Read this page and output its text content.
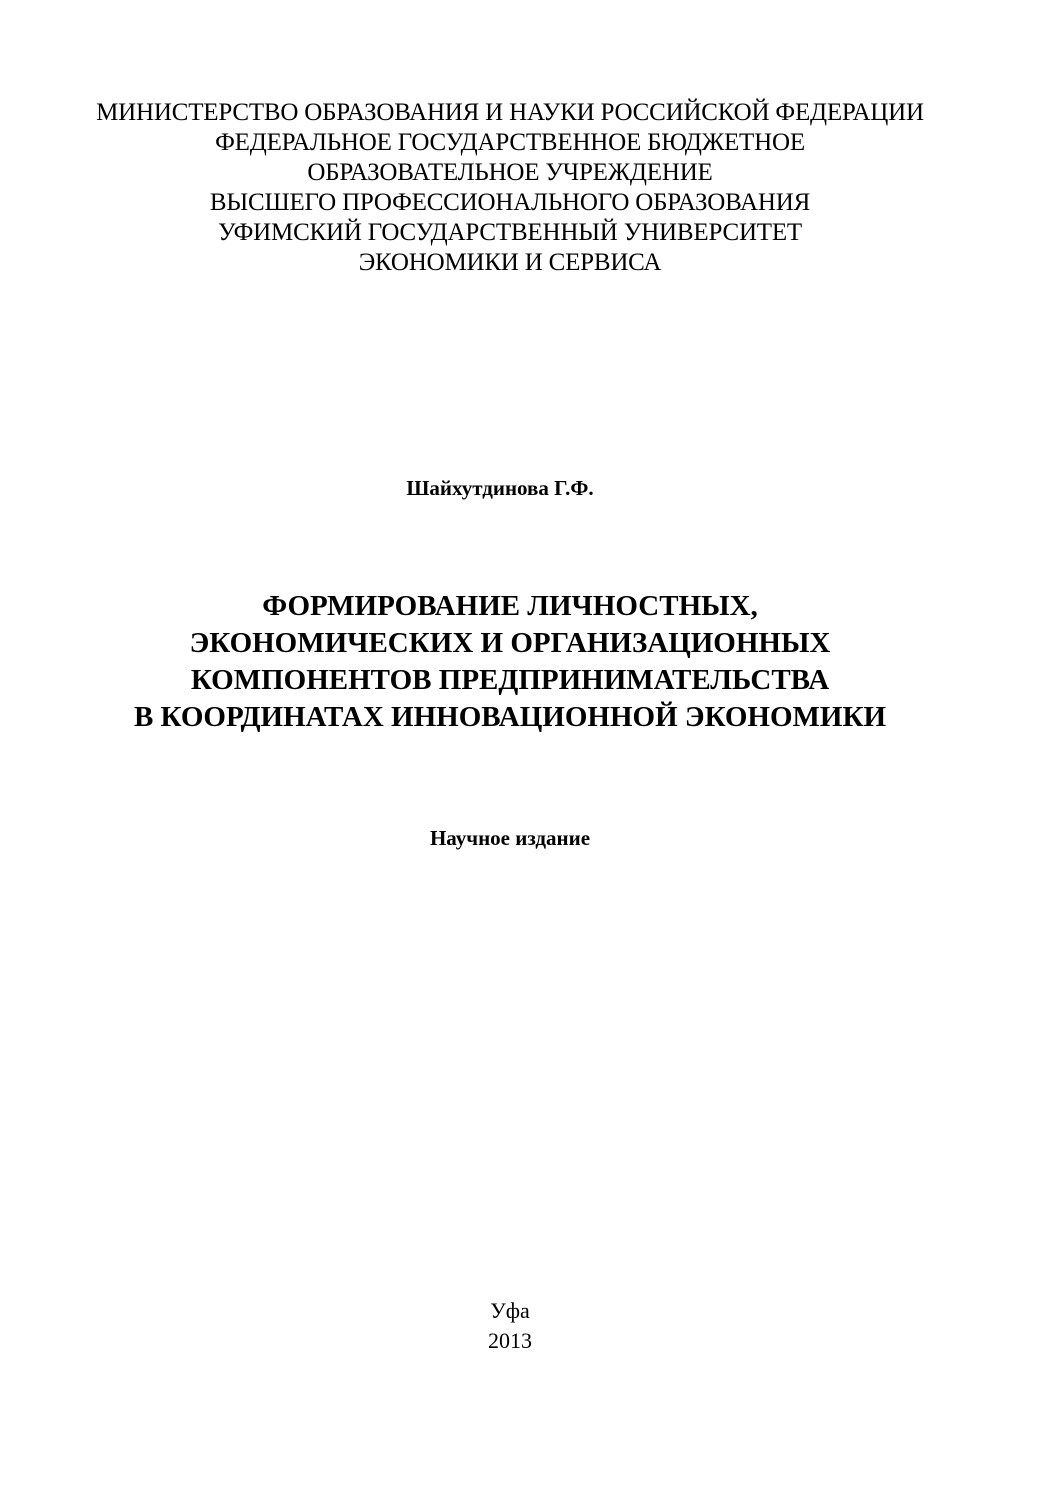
МИНИСТЕРСТВО ОБРАЗОВАНИЯ И НАУКИ РОССИЙСКОЙ ФЕДЕРАЦИИ
ФЕДЕРАЛЬНОЕ ГОСУДАРСТВЕННОЕ БЮДЖЕТНОЕ
ОБРАЗОВАТЕЛЬНОЕ УЧРЕЖДЕНИЕ
ВЫСШЕГО ПРОФЕССИОНАЛЬНОГО ОБРАЗОВАНИЯ
УФИМСКИЙ ГОСУДАРСТВЕННЫЙ УНИВЕРСИТЕТ
ЭКОНОМИКИ И СЕРВИСА
Шайхутдинова Г.Ф.
ФОРМИРОВАНИЕ ЛИЧНОСТНЫХ,
ЭКОНОМИЧЕСКИХ И ОРГАНИЗАЦИОННЫХ
КОМПОНЕНТОВ ПРЕДПРИНИМАТЕЛЬСТВА
В КООРДИНАТАХ ИННОВАЦИОННОЙ ЭКОНОМИКИ
Научное издание
Уфа
2013
